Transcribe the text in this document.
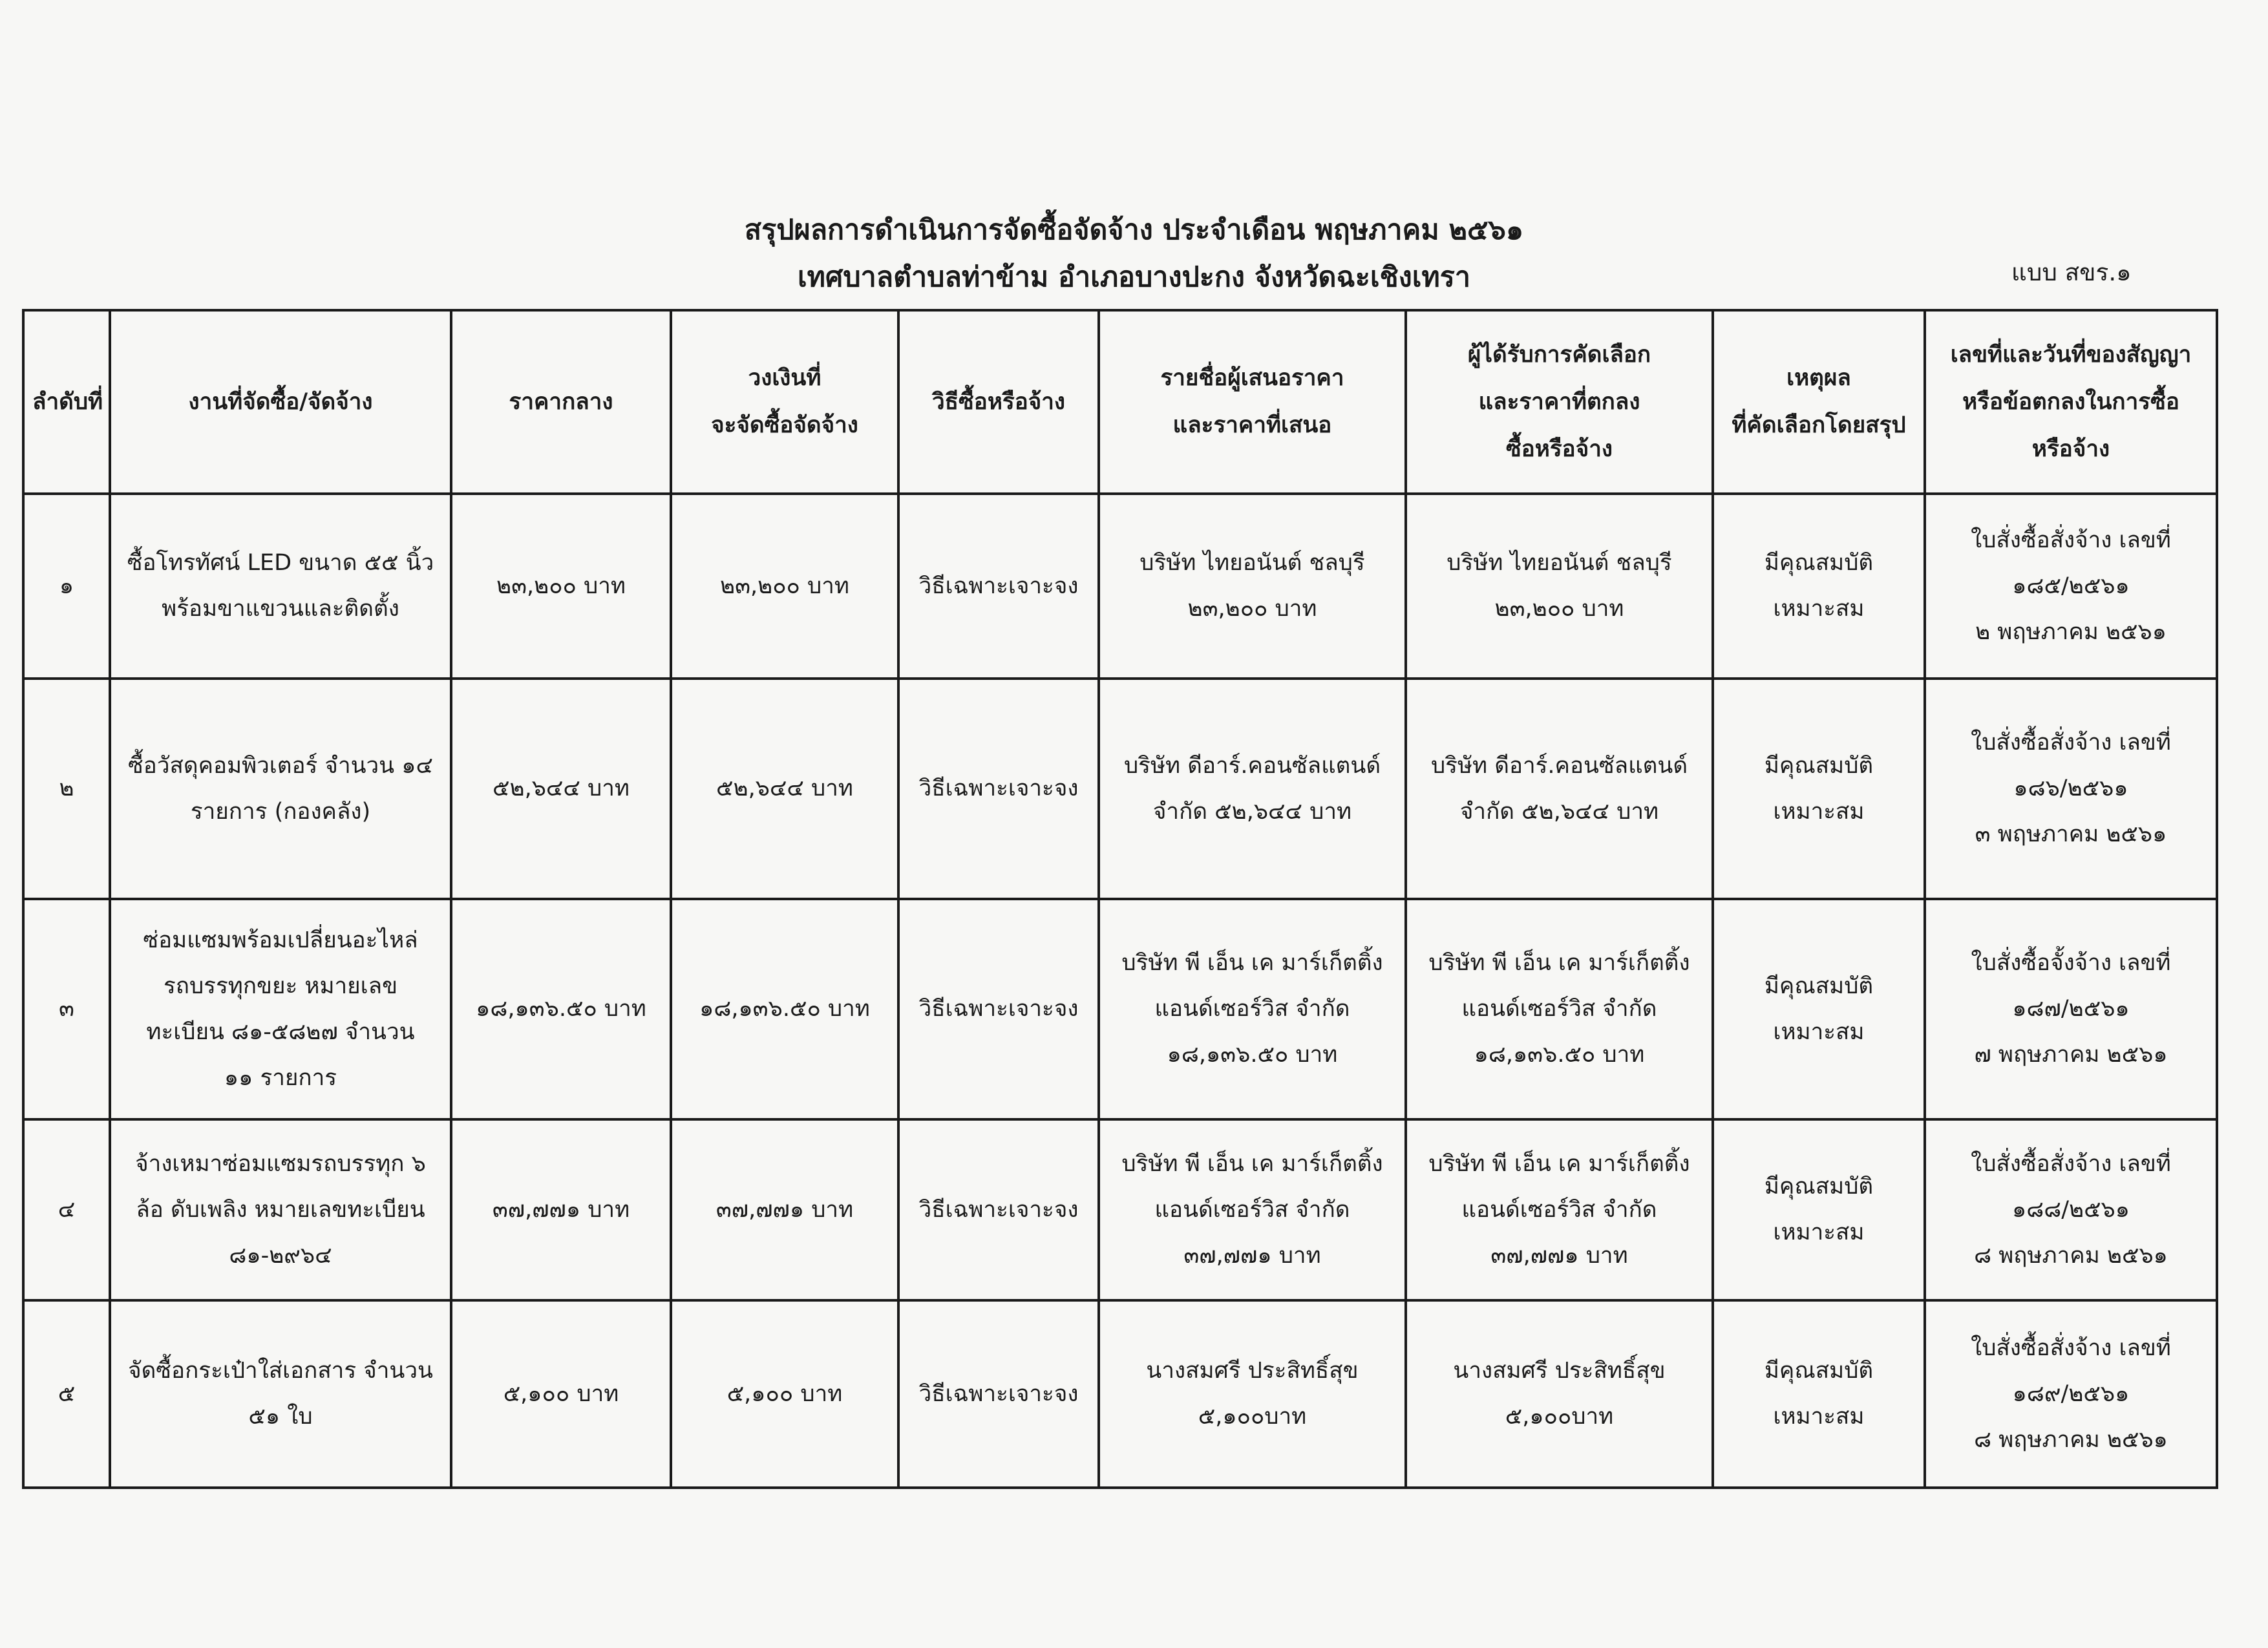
สรุปผลการดำเนินการจัดซื้อจัดจ้าง ประจำเดือน พฤษภาคม ๒๕๖๑
เทศบาลตำบลท่าข้าม อำเภอบางปะกง จังหวัดฉะเชิงเทรา	แบบ สขร.๑
ลำดับที่	งานที่จัดซื้อ/จัดจ้าง	ราคากลาง	วงเงินที่
จะจัดซื้อจัดจ้าง	วิธีซื้อหรือจ้าง	รายชื่อผู้เสนอราคา
และราคาที่เสนอ	ผู้ได้รับการคัดเลือก
และราคาที่ตกลง
ซื้อหรือจ้าง	เหตุผล
ที่คัดเลือกโดยสรุป	เลขที่และวันที่ของสัญญา
หรือข้อตกลงในการซื้อ
หรือจ้าง

๑	ซื้อโทรทัศน์ LED ขนาด ๕๕ นิ้ว
พร้อมขาแขวนและติดตั้ง	๒๓,๒๐๐ บาท	๒๓,๒๐๐ บาท	วิธีเฉพาะเจาะจง	บริษัท ไทยอนันต์ ชลบุรี
๒๓,๒๐๐ บาท	บริษัท ไทยอนันต์ ชลบุรี
๒๓,๒๐๐ บาท	มีคุณสมบัติ
เหมาะสม	ใบสั่งซื้อสั่งจ้าง เลขที่
๑๘๕/๒๕๖๑
๒ พฤษภาคม ๒๕๖๑

๒	ซื้อวัสดุคอมพิวเตอร์ จำนวน ๑๔
รายการ (กองคลัง)	๕๒,๖๔๔ บาท	๕๒,๖๔๔ บาท	วิธีเฉพาะเจาะจง	บริษัท ดีอาร์.คอนซัลแตนด์
จำกัด ๕๒,๖๔๔ บาท	บริษัท ดีอาร์.คอนซัลแตนด์
จำกัด ๕๒,๖๔๔ บาท	มีคุณสมบัติ
เหมาะสม	ใบสั่งซื้อสั่งจ้าง เลขที่
๑๘๖/๒๕๖๑
๓ พฤษภาคม ๒๕๖๑

๓	ซ่อมแซมพร้อมเปลี่ยนอะไหล่
รถบรรทุกขยะ หมายเลข
ทะเบียน ๘๑-๕๘๒๗ จำนวน
๑๑ รายการ	๑๘,๑๓๖.๕๐ บาท	๑๘,๑๓๖.๕๐ บาท	วิธีเฉพาะเจาะจง	บริษัท พี เอ็น เค มาร์เก็ตติ้ง
แอนด์เซอร์วิส จำกัด
๑๘,๑๓๖.๕๐ บาท	บริษัท พี เอ็น เค มาร์เก็ตติ้ง
แอนด์เซอร์วิส จำกัด
๑๘,๑๓๖.๕๐ บาท	มีคุณสมบัติ
เหมาะสม	ใบสั่งซื้อจั้งจ้าง เลขที่
๑๘๗/๒๕๖๑
๗ พฤษภาคม ๒๕๖๑

๔	จ้างเหมาซ่อมแซมรถบรรทุก ๖
ล้อ ดับเพลิง หมายเลขทะเบียน
๘๑-๒๙๖๔	๓๗,๗๗๑ บาท	๓๗,๗๗๑ บาท	วิธีเฉพาะเจาะจง	บริษัท พี เอ็น เค มาร์เก็ตติ้ง
แอนด์เซอร์วิส จำกัด
๓๗,๗๗๑ บาท	บริษัท พี เอ็น เค มาร์เก็ตติ้ง
แอนด์เซอร์วิส จำกัด
๓๗,๗๗๑ บาท	มีคุณสมบัติ
เหมาะสม	ใบสั่งซื้อสั่งจ้าง เลขที่
๑๘๘/๒๕๖๑
๘ พฤษภาคม ๒๕๖๑

๕	จัดซื้อกระเป๋าใส่เอกสาร จำนวน
๕๑ ใบ	๕,๑๐๐ บาท	๕,๑๐๐ บาท	วิธีเฉพาะเจาะจง	นางสมศรี ประสิทธิ์สุข
๕,๑๐๐บาท	นางสมศรี ประสิทธิ์สุข
๕,๑๐๐บาท	มีคุณสมบัติ
เหมาะสม	ใบสั่งซื้อสั่งจ้าง เลขที่
๑๘๙/๒๕๖๑
๘ พฤษภาคม ๒๕๖๑
